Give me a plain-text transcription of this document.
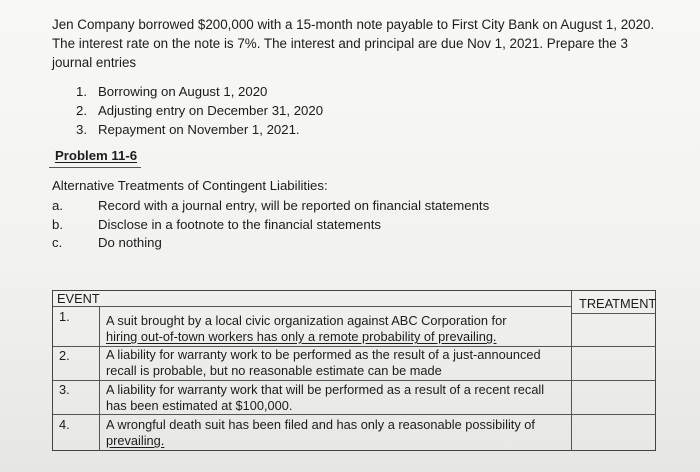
Jen Company borrowed $200,000 with a 15-month note payable to First City Bank on August 1, 2020.
The interest rate on the note is 7%. The interest and principal are due Nov 1, 2021. Prepare the 3
journal entries
1. Borrowing on August 1, 2020
2. Adjusting entry on December 31, 2020
3. Repayment on November 1, 2021.
Problem 11-6
Alternative Treatments of Contingent Liabilities:
a.	Record with a journal entry, will be reported on financial statements
b.	Disclose in a footnote to the financial statements
c.	Do nothing
EVENT	TREATMENT
1.	A suit brought by a local civic organization against ABC Corporation for
hiring out-of-town workers has only a remote probability of prevailing.
2.	A liability for warranty work to be performed as the result of a just-announced
recall is probable, but no reasonable estimate can be made
3.	A liability for warranty work that will be performed as a result of a recent recall
has been estimated at $100,000.
4.	A wrongful death suit has been filed and has only a reasonable possibility of
prevailing.
